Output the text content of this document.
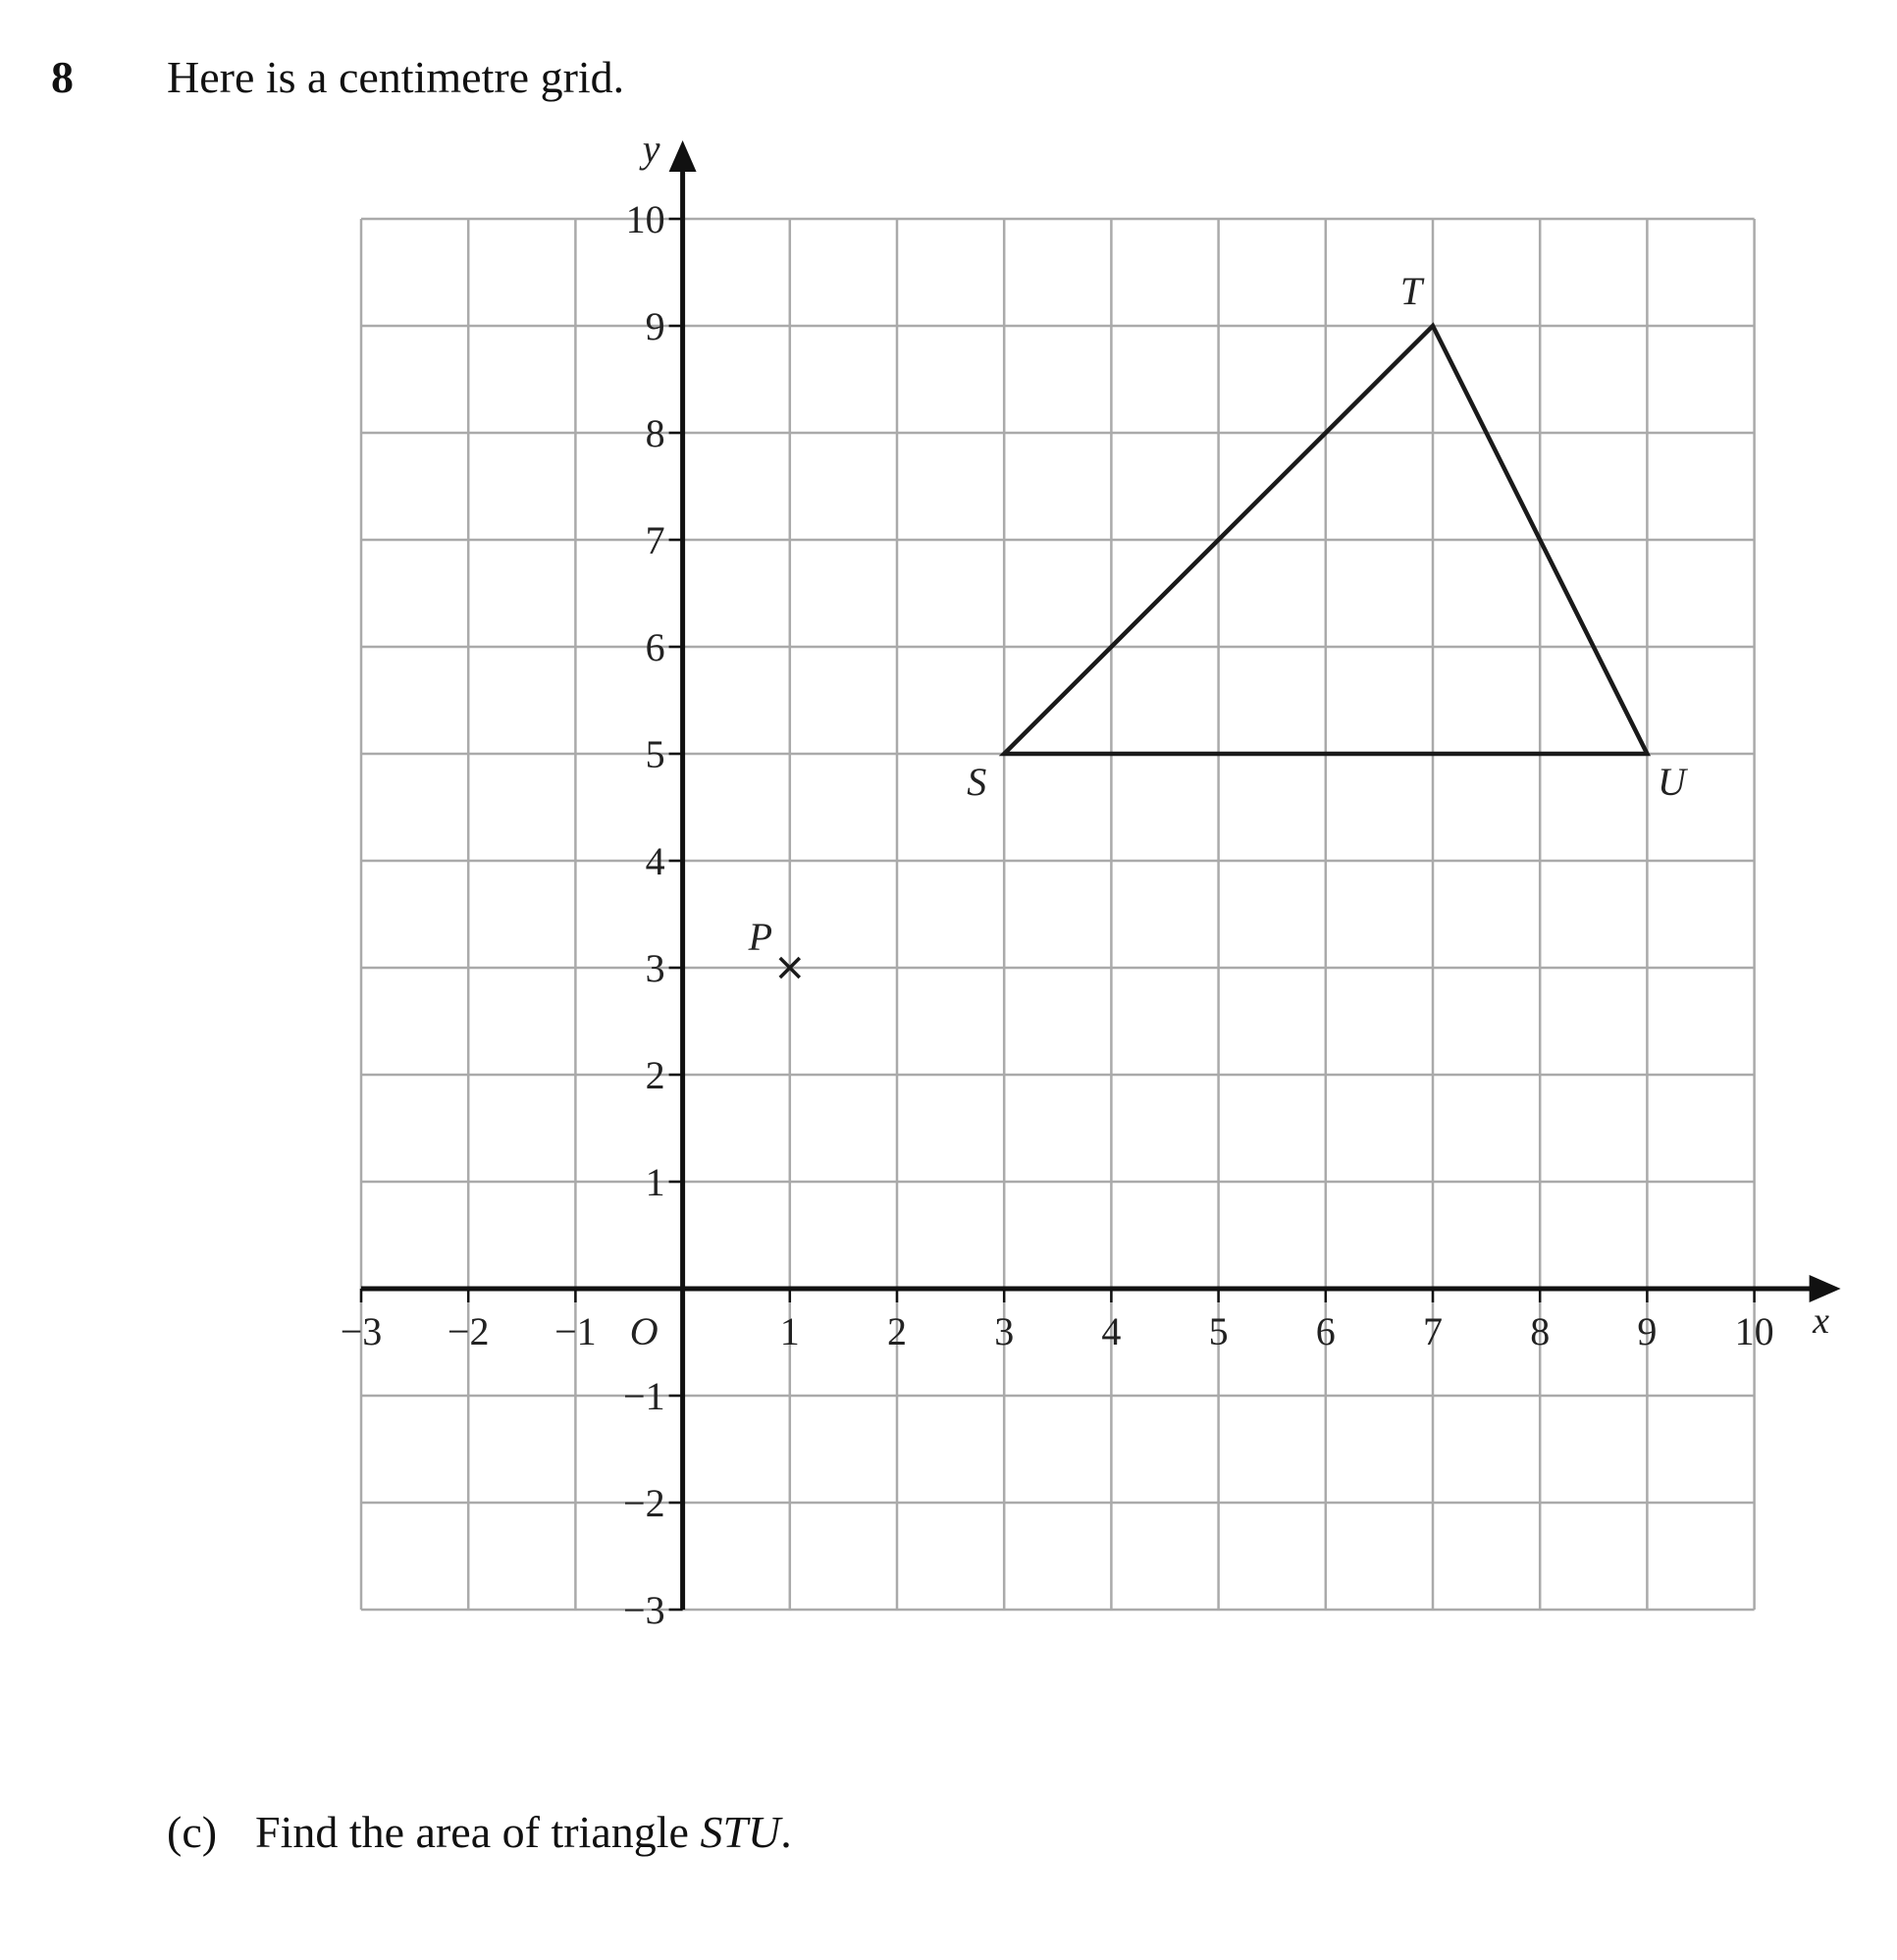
8 Here is a centimetre grid.
−3 −2 −1	1 2 3 4 5 6 7 8 9 10
−3
−2
−1
1
2
3
4
5
6
7
8
9
10
O	x
y
S
T
U
P
(c) Find the area of triangle STU.
